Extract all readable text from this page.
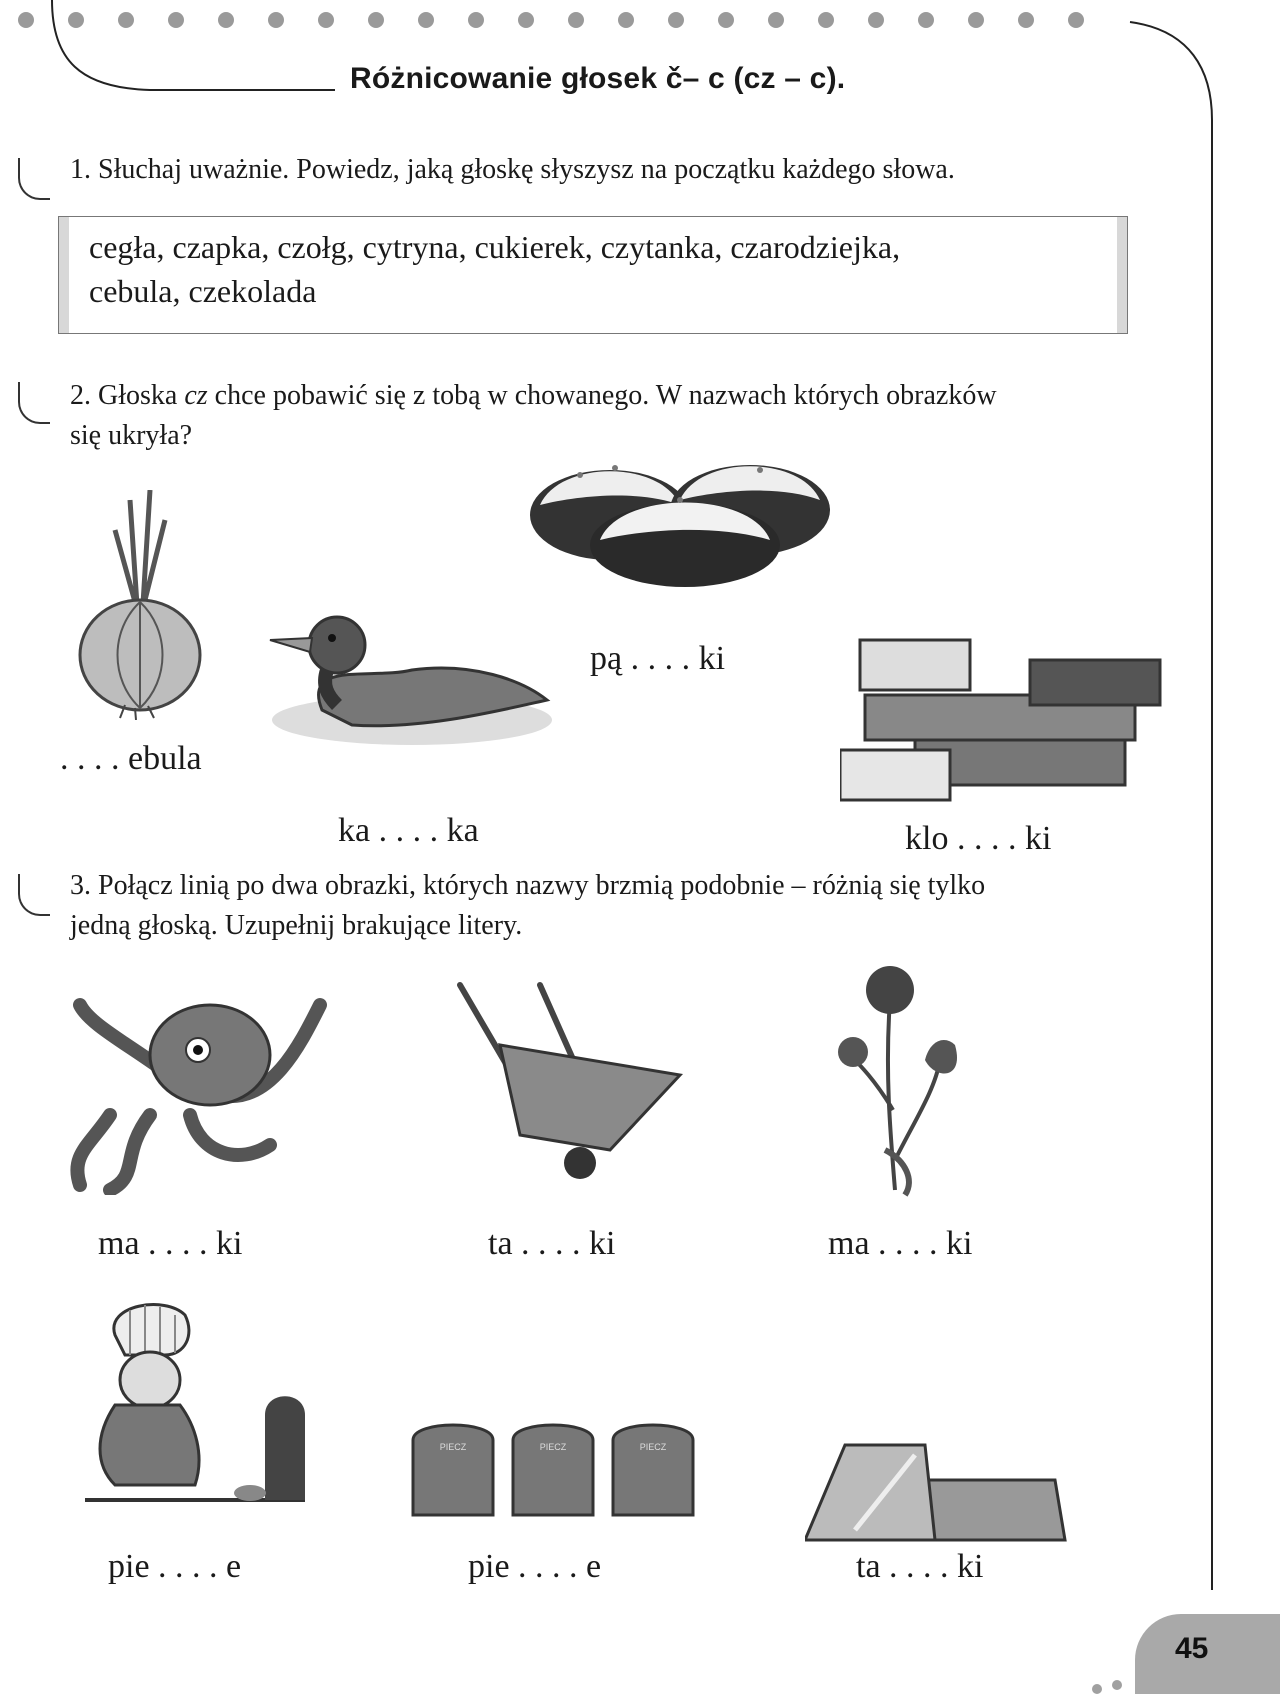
Różnicowanie głosek č– c (cz – c).
1. Słuchaj uważnie. Powiedz, jaką głoskę słyszysz na początku każdego słowa.
cegła, czapka, czołg, cytryna, cukierek, czytanka, czarodziejka,
cebula, czekolada
2. Głoska cz chce pobawić się z tobą w chowanego. W nazwach których obrazków
się ukryła?
. . . . ebula
ka . . . . ka
pą . . . . ki
klo . . . . ki
3. Połącz linią po dwa obrazki, których nazwy brzmią podobnie – różnią się tylko
jedną głoską. Uzupełnij brakujące litery.
ma . . . . ki	ta . . . . ki	ma . . . . ki
pie . . . . e
PIECZ	PIECZ	PIECZ
pie . . . . e	ta . . . . ki
45
